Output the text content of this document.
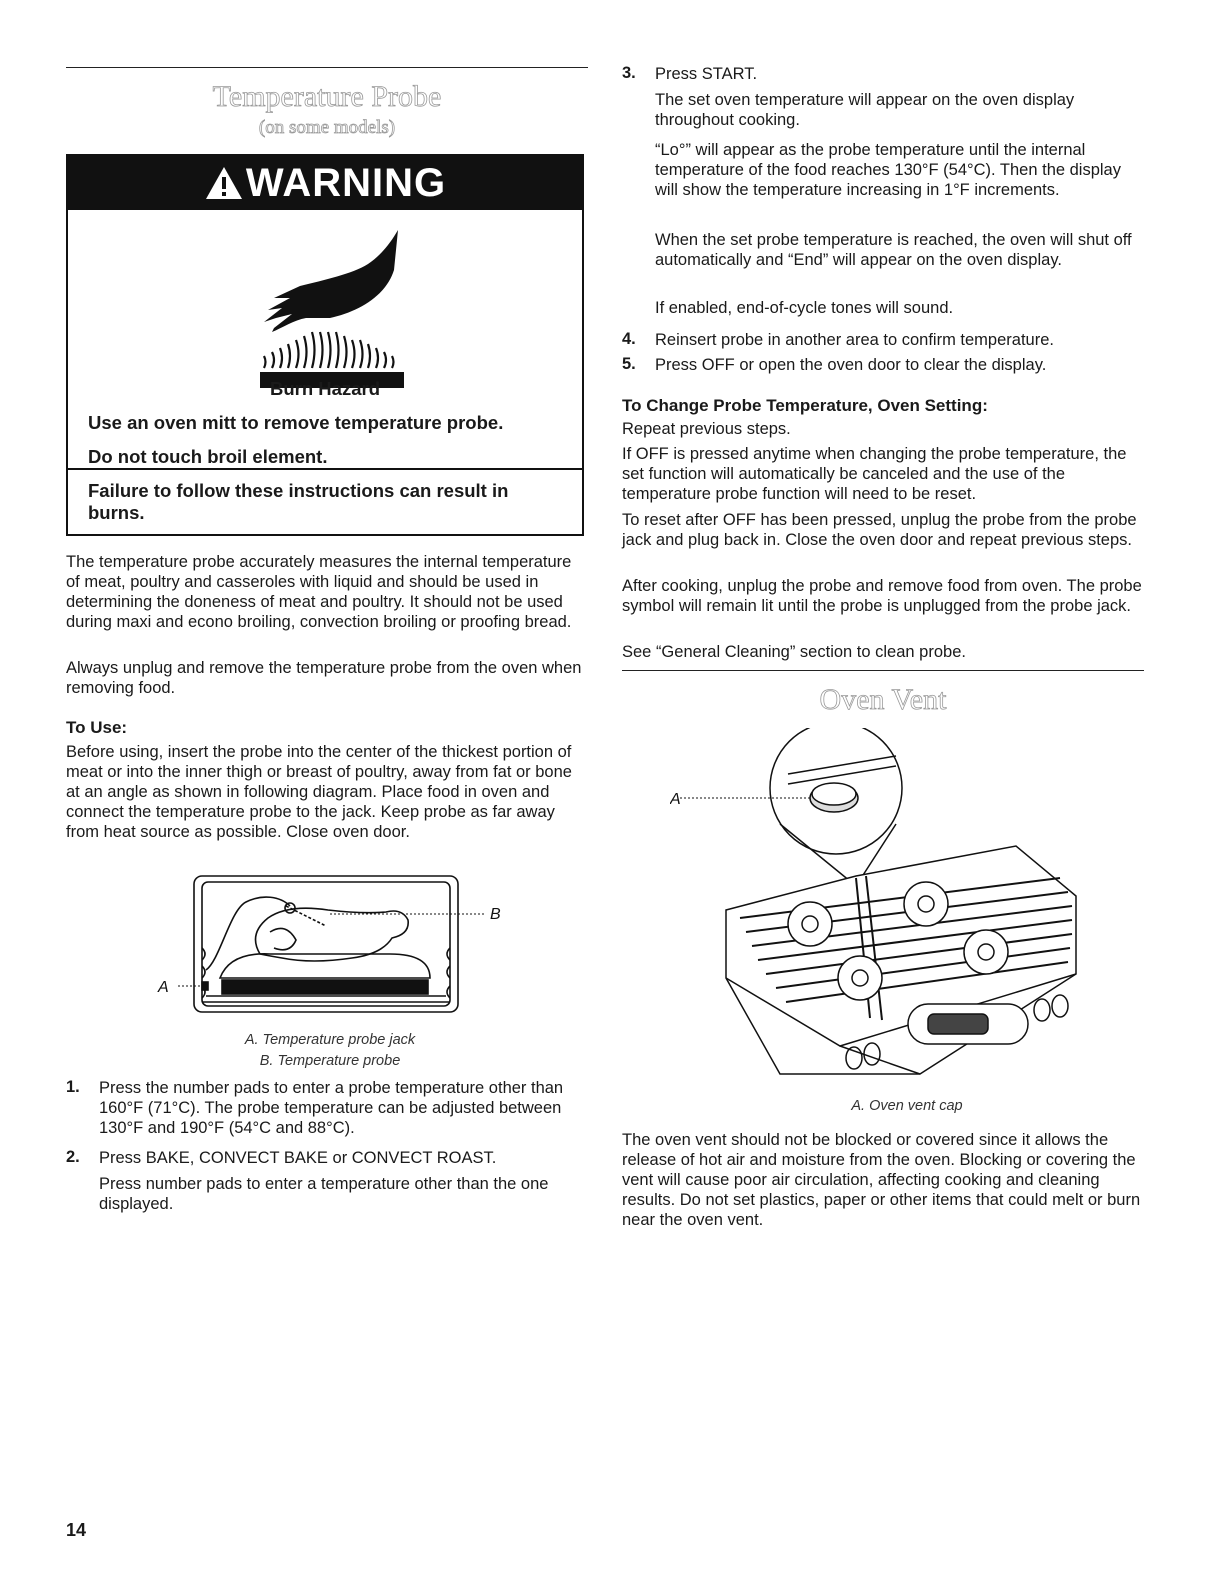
Temperature Probe
(on some models)
WARNING
Burn Hazard
Use an oven mitt to remove temperature probe.
Do not touch broil element.
Failure to follow these instructions can result in burns.

The temperature probe accurately measures the internal temperature of meat, poultry and casseroles with liquid and should be used in determining the doneness of meat and poultry. It should not be used during maxi and econo broiling, convection broiling or proofing bread.

Always unplug and remove the temperature probe from the oven when removing food.

To Use:

Before using, insert the probe into the center of the thickest portion of meat or into the inner thigh or breast of poultry, away from fat or bone at an angle as shown in following diagram. Place food in oven and connect the temperature probe to the jack. Keep probe as far away from heat source as possible. Close oven door.

B
A
A. Temperature probe jack
B. Temperature probe
1. Press the number pads to enter a probe temperature other than 160°F (71°C). The probe temperature can be adjusted between 130°F and 190°F (54°C and 88°C).

2. Press BAKE, CONVECT BAKE or CONVECT ROAST.

Press number pads to enter a temperature other than the one displayed.

3. Press START.

The set oven temperature will appear on the oven display throughout cooking.

“Lo°” will appear as the probe temperature until the internal temperature of the food reaches 130°F (54°C). Then the display will show the temperature increasing in 1°F increments.

When the set probe temperature is reached, the oven will shut off automatically and “End” will appear on the oven display.

If enabled, end-of-cycle tones will sound.

4. Reinsert probe in another area to confirm temperature.

5. Press OFF or open the oven door to clear the display.

To Change Probe Temperature, Oven Setting:

Repeat previous steps.

If OFF is pressed anytime when changing the probe temperature, the set function will automatically be canceled and the use of the temperature probe function will need to be reset.

To reset after OFF has been pressed, unplug the probe from the probe jack and plug back in. Close the oven door and repeat previous steps.

After cooking, unplug the probe and remove food from oven. The probe symbol will remain lit until the probe is unplugged from the probe jack.

See “General Cleaning” section to clean probe.

Oven Vent
A
A. Oven vent cap

The oven vent should not be blocked or covered since it allows the release of hot air and moisture from the oven. Blocking or covering the vent will cause poor air circulation, affecting cooking and cleaning results. Do not set plastics, paper or other items that could melt or burn near the oven vent.

14
